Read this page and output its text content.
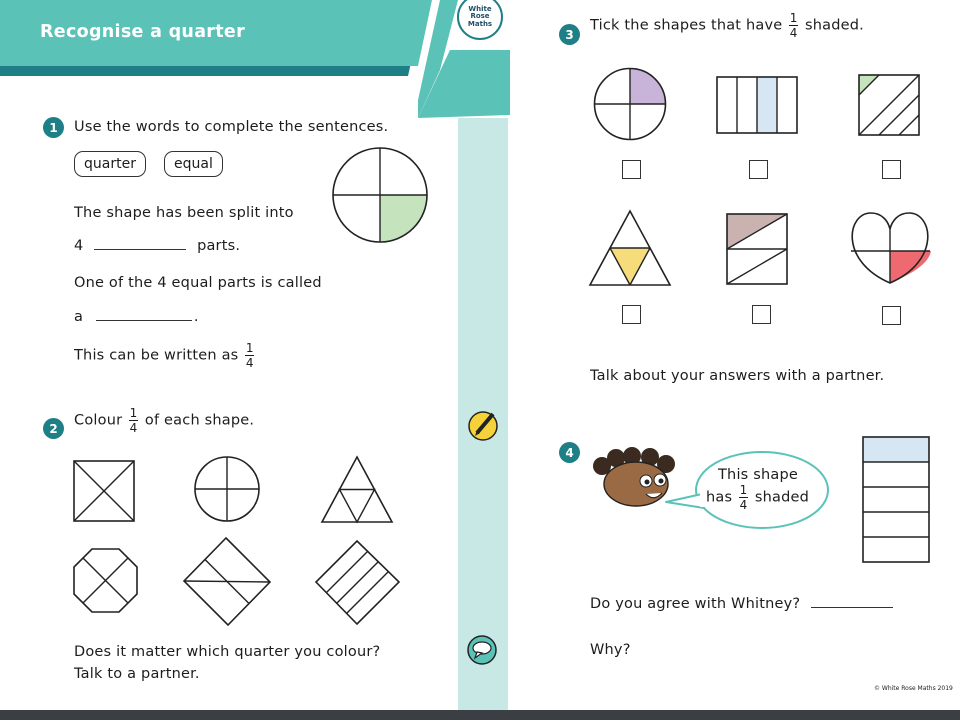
Recognise a quarter
White
Rose
Maths
1	Use the words to complete the sentences.
quarter	equal
The shape has been split into
4	parts.
One of the 4 equal parts is called
a	.
This can be written as $\frac{1}{4}$
2	Colour $\frac{1}{4}$ of each shape.
Does it matter which quarter you colour?
Talk to a partner.
3
Tick the shapes that have $\frac{1}{4}$ shaded.
Talk about your answers with a partner.
4
This shape
has $\frac{1}{4}$ shaded
Do you agree with Whitney?
Why?
© White Rose Maths 2019
